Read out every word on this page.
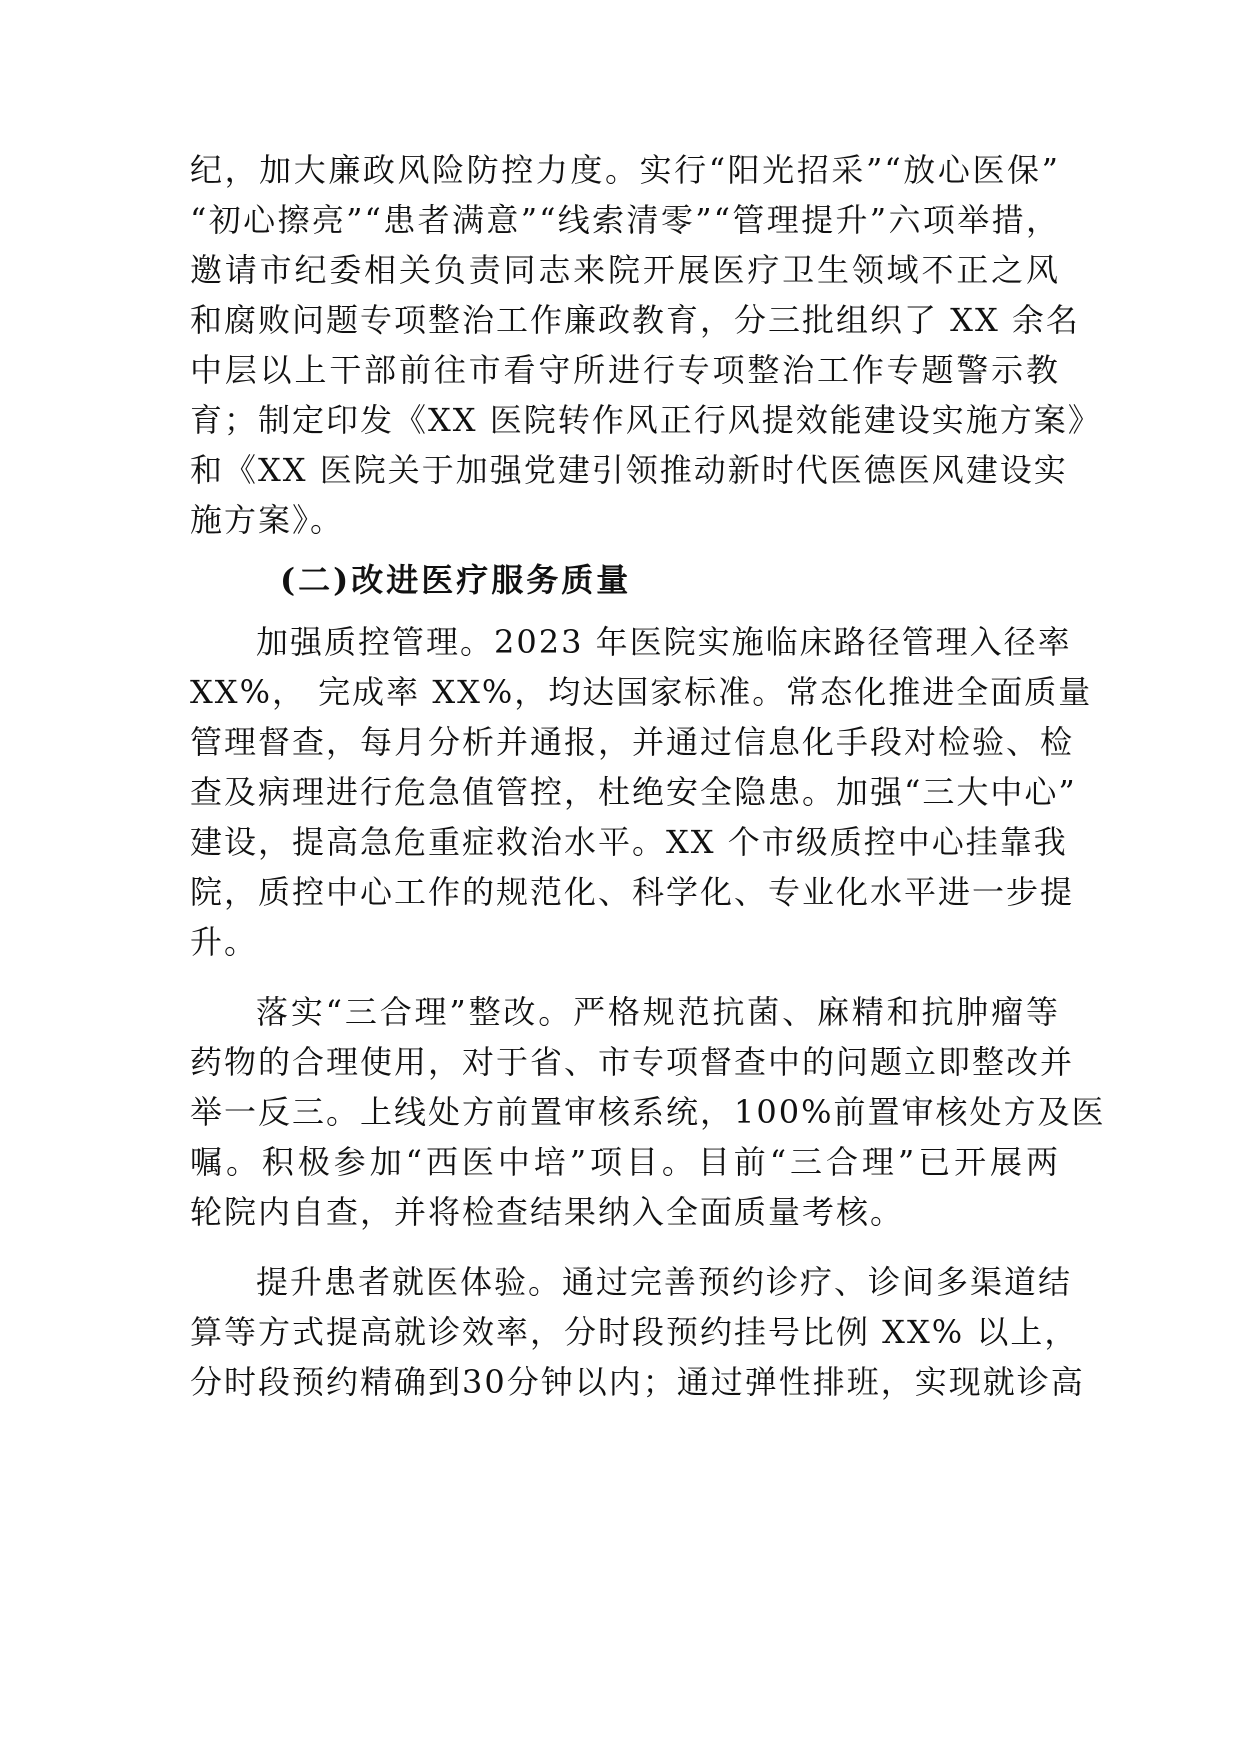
纪，加大廉政风险防控力度。实行“阳光招采”“放心医保”
“初心擦亮”“患者满意”“线索清零”“管理提升”六项举措，
邀请市纪委相关负责同志来院开展医疗卫生领域不正之风
和腐败问题专项整治工作廉政教育，分三批组织了 XX 余名
中层以上干部前往市看守所进行专项整治工作专题警示教
育；制定印发《XX 医院转作风正行风提效能建设实施方案》
和《XX 医院关于加强党建引领推动新时代医德医风建设实
施方案》。
(二)改进医疗服务质量
加强质控管理。2023 年医院实施临床路径管理入径率
XX%， 完成率 XX%，均达国家标准。常态化推进全面质量
管理督查，每月分析并通报，并通过信息化手段对检验、检
查及病理进行危急值管控，杜绝安全隐患。加强“三大中心”
建设，提高急危重症救治水平。XX 个市级质控中心挂靠我
院，质控中心工作的规范化、科学化、专业化水平进一步提
升。
落实“三合理”整改。严格规范抗菌、麻精和抗肿瘤等
药物的合理使用，对于省、市专项督查中的问题立即整改并
举一反三。上线处方前置审核系统，100%前置审核处方及医
嘱。积极参加“西医中培”项目。目前“三合理”已开展两
轮院内自查，并将检查结果纳入全面质量考核。
提升患者就医体验。通过完善预约诊疗、诊间多渠道结
算等方式提高就诊效率，分时段预约挂号比例 XX% 以上，
分时段预约精确到30分钟以内；通过弹性排班，实现就诊高
